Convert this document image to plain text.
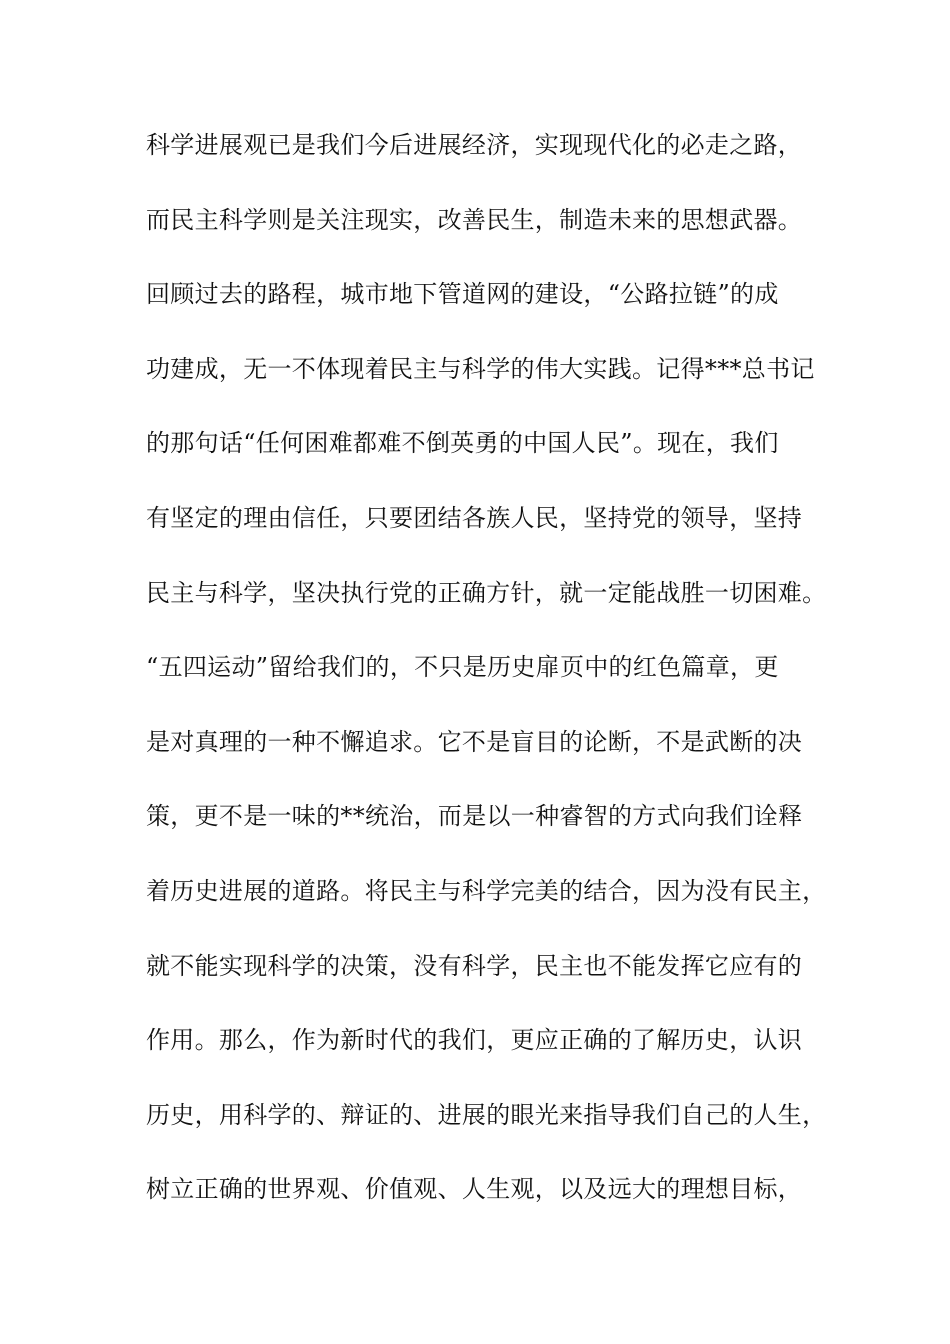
科学进展观已是我们今后进展经济，实现现代化的必走之路，
而民主科学则是关注现实，改善民生，制造未来的思想武器。
回顾过去的路程，城市地下管道网的建设，“公路拉链”的成
功建成，无一不体现着民主与科学的伟大实践。记得***总书记
的那句话“任何困难都难不倒英勇的中国人民”。现在，我们
有坚定的理由信任，只要团结各族人民，坚持党的领导，坚持
民主与科学，坚决执行党的正确方针，就一定能战胜一切困难。
“五四运动”留给我们的，不只是历史扉页中的红色篇章，更
是对真理的一种不懈追求。它不是盲目的论断，不是武断的决
策，更不是一味的**统治，而是以一种睿智的方式向我们诠释
着历史进展的道路。将民主与科学完美的结合，因为没有民主，
就不能实现科学的决策，没有科学，民主也不能发挥它应有的
作用。那么，作为新时代的我们，更应正确的了解历史，认识
历史，用科学的、辩证的、进展的眼光来指导我们自己的人生，
树立正确的世界观、价值观、人生观，以及远大的理想目标，
